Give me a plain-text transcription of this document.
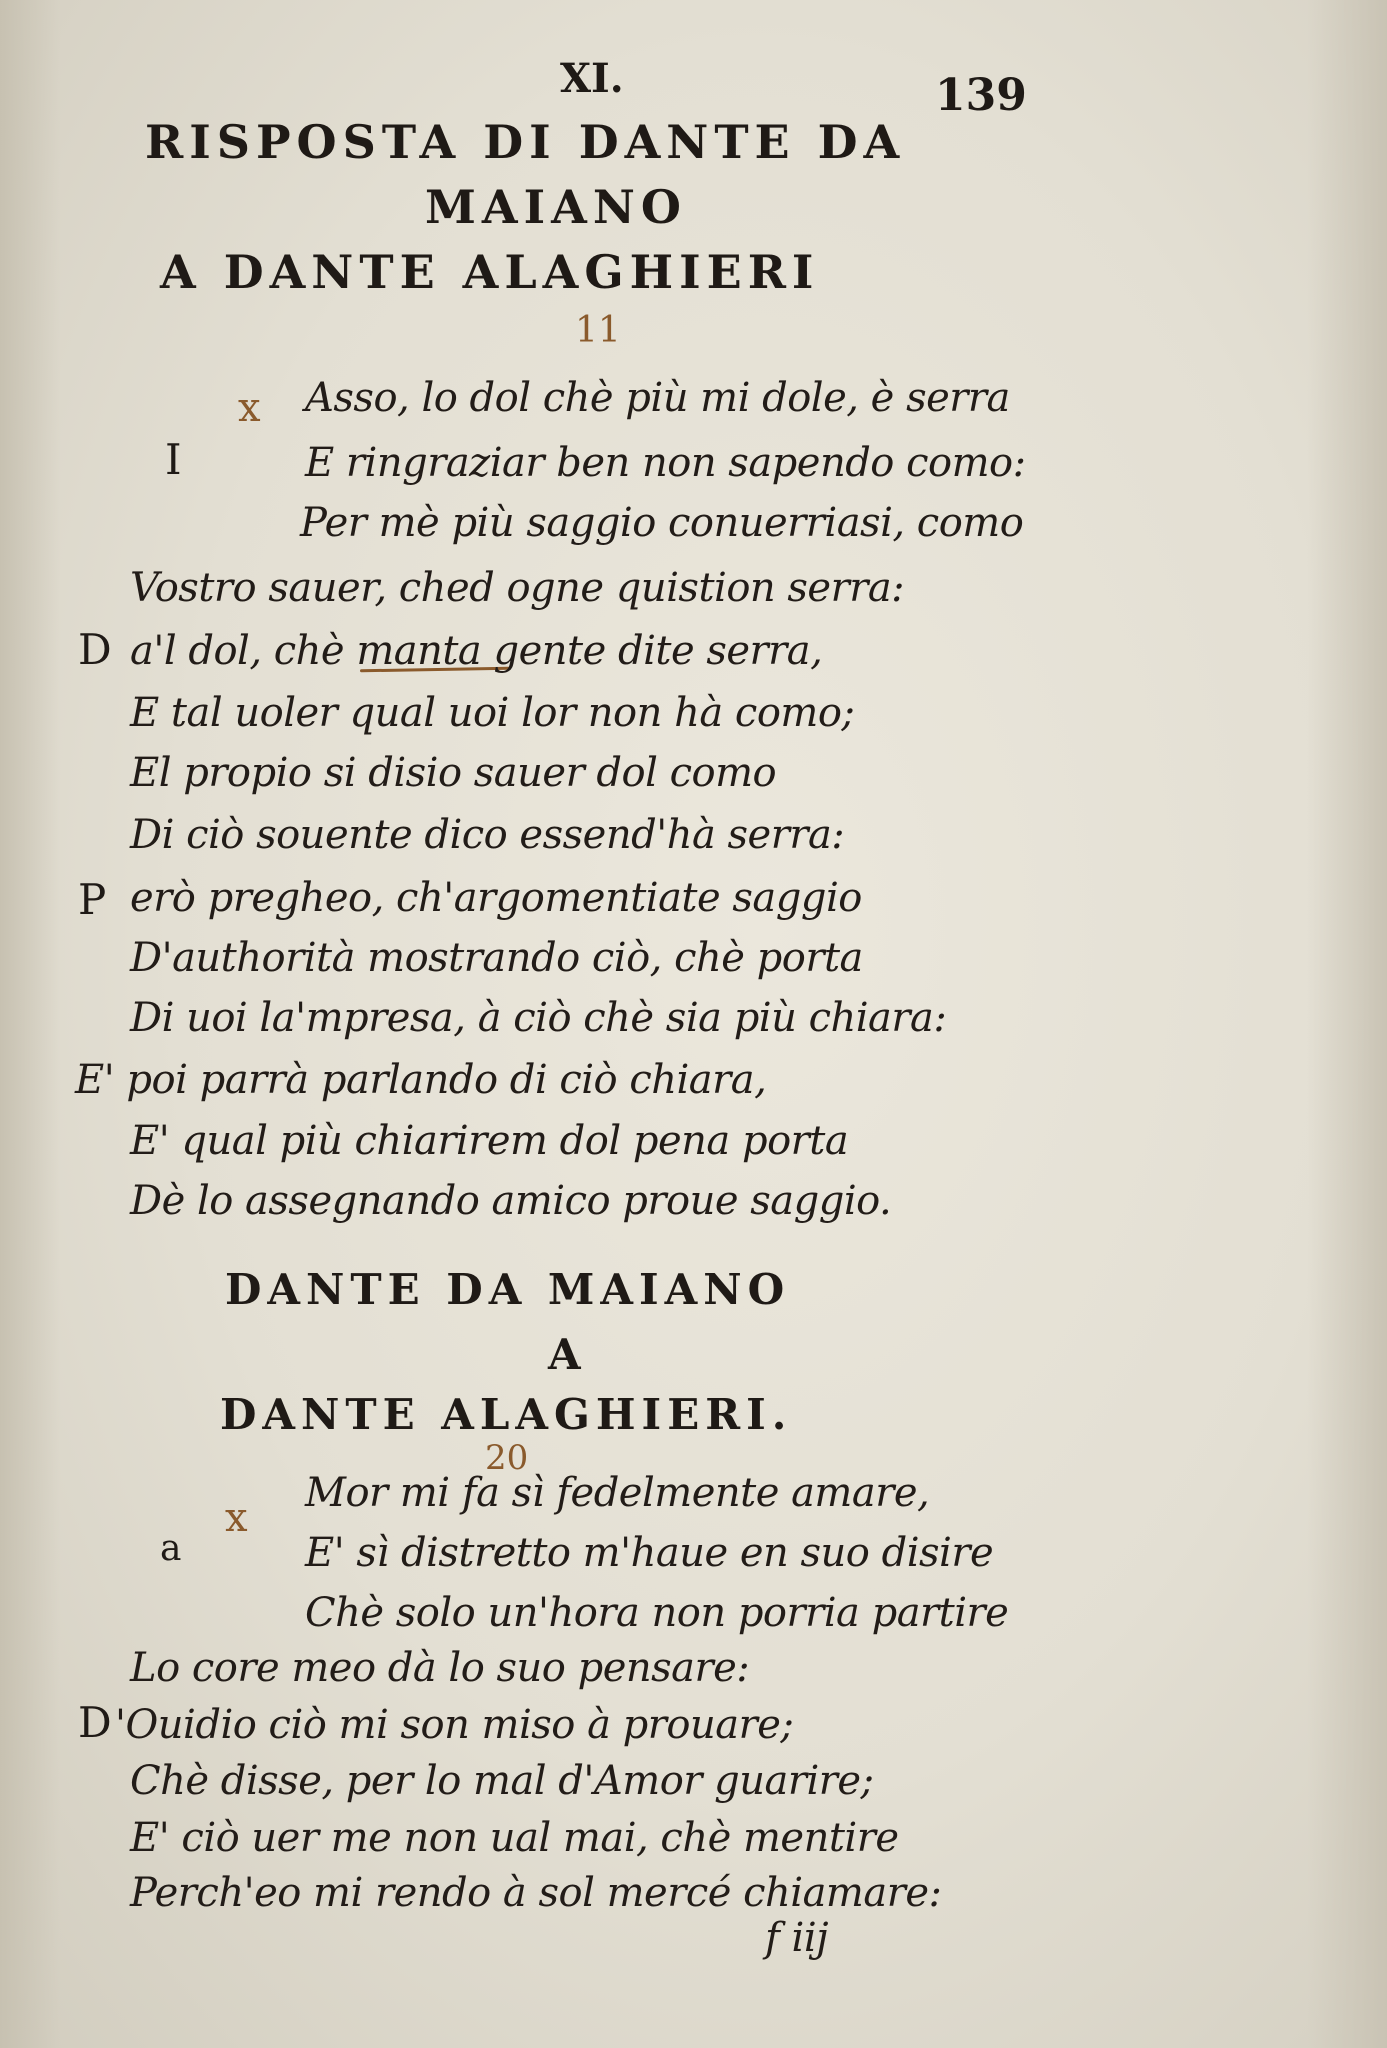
XI.	139
RISPOSTA DI DANTE DA
MAIANO
A DANTE ALAGHIERI
11
x
I
D
P
Asso, lo dol chè più mi dole, è serra
E ringraziar ben non sapendo como:
Per mè più saggio conuerriasi, como
Vostro sauer, ched ogne quistion serra:
a'l dol, chè manta gente dite serra,
E tal uoler qual uoi lor non hà como;
El propio si disio sauer dol como
Di ciò souente dico essend'hà serra:
erò pregheo, ch'argomentiate saggio
D'authorità mostrando ciò, chè porta
Di uoi la'mpresa, à ciò chè sia più chiara:
E' poi parrà parlando di ciò chiara,
E' qual più chiarirem dol pena porta
Dè lo assegnando amico proue saggio.
DANTE DA MAIANO
A
DANTE ALAGHIERI.
20
x
a
D
Mor mi fa sì fedelmente amare,
E' sì distretto m'haue en suo disire
Chè solo un'hora non porria partire
Lo core meo dà lo suo pensare:
'Ouidio ciò mi son miso à prouare;
Chè disse, per lo mal d'Amor guarire;
E' ciò uer me non ual mai, chè mentire
Perch'eo mi rendo à sol mercé chiamare:
f iij
